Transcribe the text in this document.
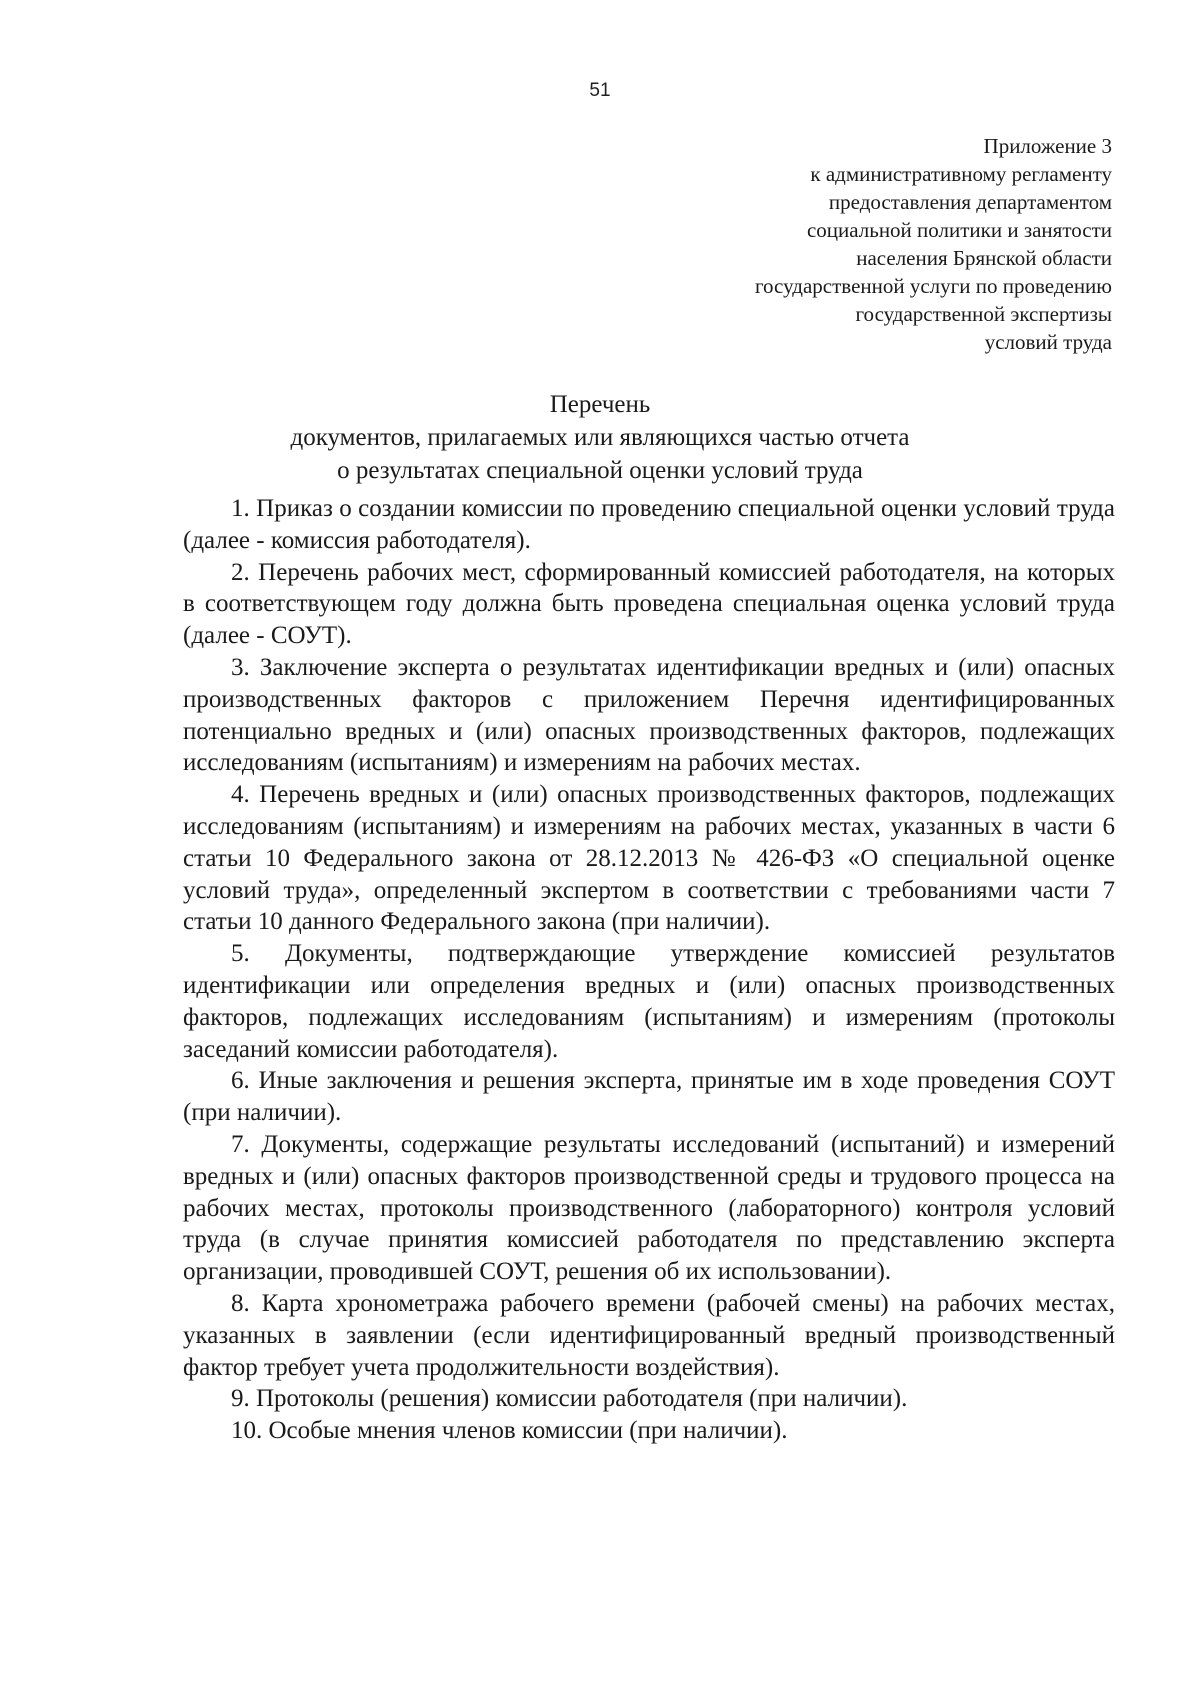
51
Приложение 3
к административному регламенту
предоставления департаментом
социальной политики и занятости
населения Брянской области
государственной услуги по проведению
государственной экспертизы
условий труда
Перечень
документов, прилагаемых или являющихся частью отчета
о результатах специальной оценки условий труда

1. Приказ о создании комиссии по проведению специальной оценки условий труда (далее - комиссия работодателя).

2. Перечень рабочих мест, сформированный комиссией работодателя, на которых в соответствующем году должна быть проведена специальная оценка условий труда (далее - СОУТ).

3. Заключение эксперта о результатах идентификации вредных и (или) опасных производственных факторов с приложением Перечня идентифицированных потенциально вредных и (или) опасных производственных факторов, подлежащих исследованиям (испытаниям) и измерениям на рабочих местах.

4. Перечень вредных и (или) опасных производственных факторов, подлежащих исследованиям (испытаниям) и измерениям на рабочих местах, указанных в части 6 статьи 10 Федерального закона от 28.12.2013 № 426-ФЗ «О специальной оценке условий труда», определенный экспертом в соответствии с требованиями части 7 статьи 10 данного Федерального закона (при наличии).

5. Документы, подтверждающие утверждение комиссией результатов идентификации или определения вредных и (или) опасных производственных факторов, подлежащих исследованиям (испытаниям) и измерениям (протоколы заседаний комиссии работодателя).

6. Иные заключения и решения эксперта, принятые им в ходе проведения СОУТ (при наличии).

7. Документы, содержащие результаты исследований (испытаний) и измерений вредных и (или) опасных факторов производственной среды и трудового процесса на рабочих местах, протоколы производственного (лабораторного) контроля условий труда (в случае принятия комиссией работодателя по представлению эксперта организации, проводившей СОУТ, решения об их использовании).

8. Карта хронометража рабочего времени (рабочей смены) на рабочих местах, указанных в заявлении (если идентифицированный вредный производственный фактор требует учета продолжительности воздействия).

9. Протоколы (решения) комиссии работодателя (при наличии).

10. Особые мнения членов комиссии (при наличии).
